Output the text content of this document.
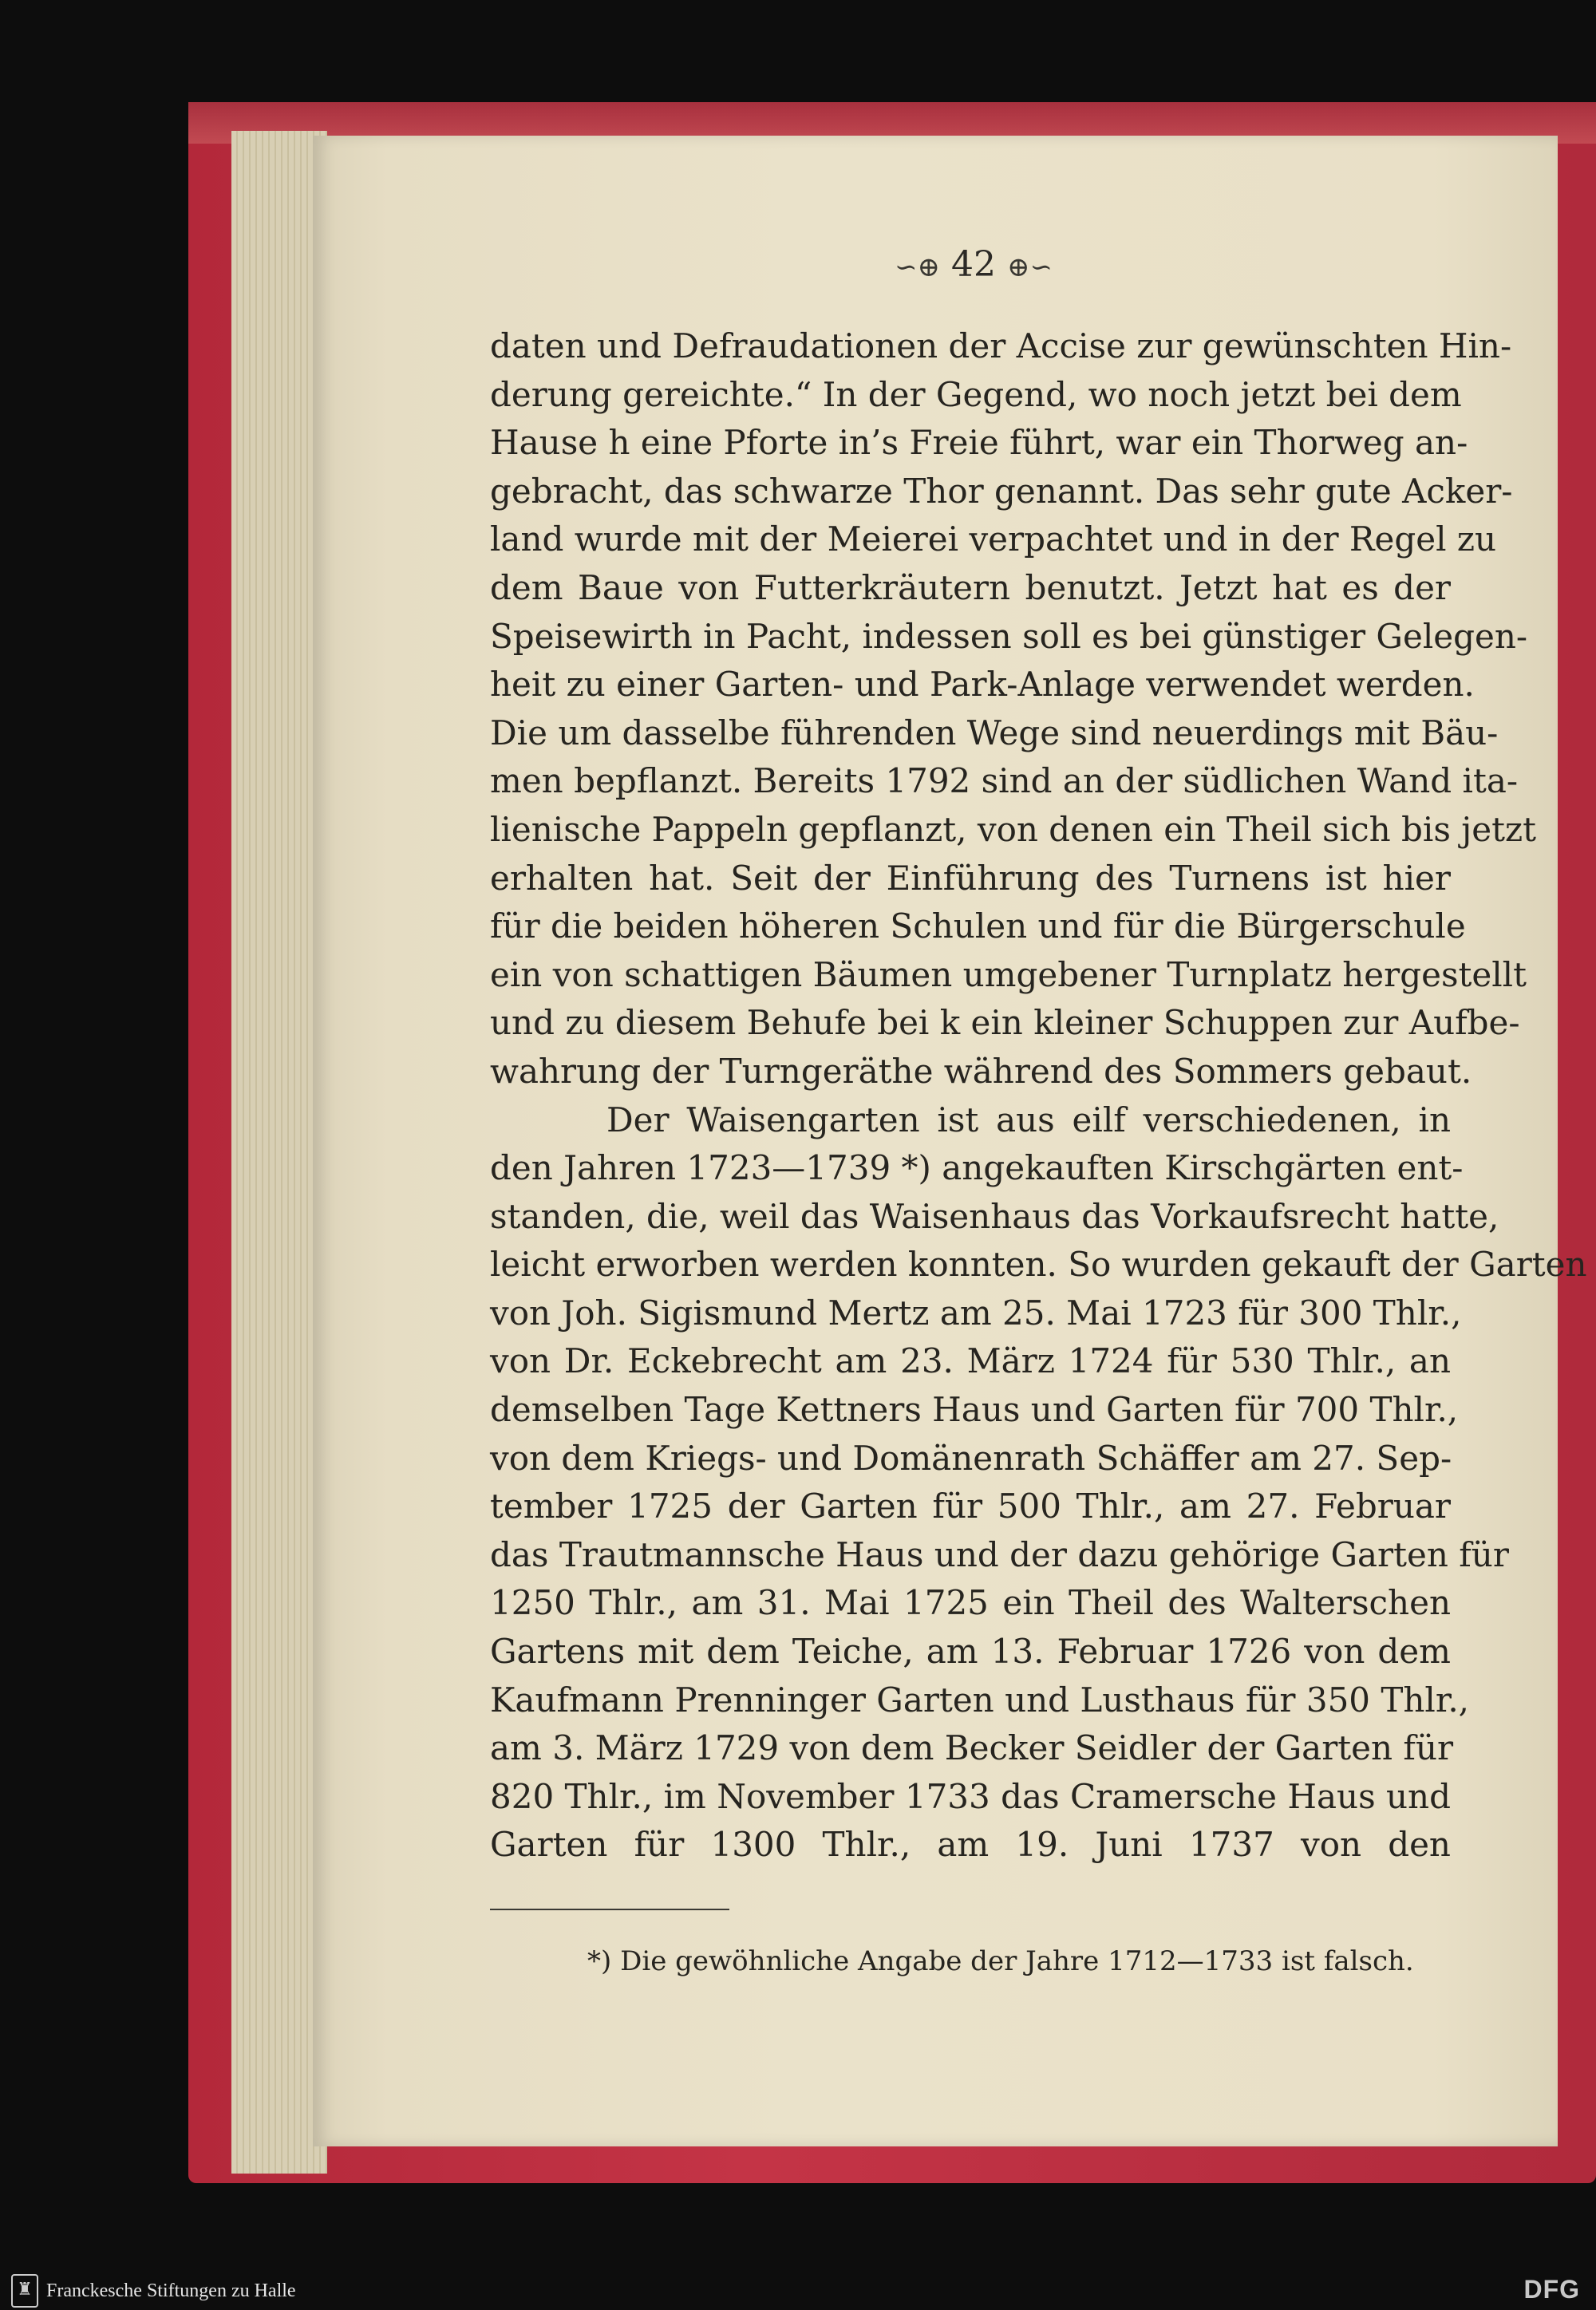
∽⊕ 42 ⊕∽
daten und Defraudationen der Accise zur gewünschten Hin-
derung gereichte.“ In der Gegend, wo noch jetzt bei dem
Hause h eine Pforte in’s Freie führt, war ein Thorweg an-
gebracht, das schwarze Thor genannt. Das sehr gute Acker-
land wurde mit der Meierei verpachtet und in der Regel zu
dem Baue von Futterkräutern benutzt. Jetzt hat es der
Speisewirth in Pacht, indessen soll es bei günstiger Gelegen-
heit zu einer Garten- und Park-Anlage verwendet werden.
Die um dasselbe führenden Wege sind neuerdings mit Bäu-
men bepflanzt. Bereits 1792 sind an der südlichen Wand ita-
lienische Pappeln gepflanzt, von denen ein Theil sich bis jetzt
erhalten hat. Seit der Einführung des Turnens ist hier
für die beiden höheren Schulen und für die Bürgerschule
ein von schattigen Bäumen umgebener Turnplatz hergestellt
und zu diesem Behufe bei k ein kleiner Schuppen zur Aufbe-
wahrung der Turngeräthe während des Sommers gebaut.
Der Waisengarten ist aus eilf verschiedenen, in
den Jahren 1723—1739 *) angekauften Kirschgärten ent-
standen, die, weil das Waisenhaus das Vorkaufsrecht hatte,
leicht erworben werden konnten. So wurden gekauft der Garten
von Joh. Sigismund Mertz am 25. Mai 1723 für 300 Thlr.,
von Dr. Eckebrecht am 23. März 1724 für 530 Thlr., an
demselben Tage Kettners Haus und Garten für 700 Thlr.,
von dem Kriegs- und Domänenrath Schäffer am 27. Sep-
tember 1725 der Garten für 500 Thlr., am 27. Februar
das Trautmannsche Haus und der dazu gehörige Garten für
1250 Thlr., am 31. Mai 1725 ein Theil des Walterschen
Gartens mit dem Teiche, am 13. Februar 1726 von dem
Kaufmann Prenninger Garten und Lusthaus für 350 Thlr.,
am 3. März 1729 von dem Becker Seidler der Garten für
820 Thlr., im November 1733 das Cramersche Haus und
Garten für 1300 Thlr., am 19. Juni 1737 von den
*) Die gewöhnliche Angabe der Jahre 1712—1733 ist falsch.
♜ Franckesche Stiftungen zu Halle	DFG
